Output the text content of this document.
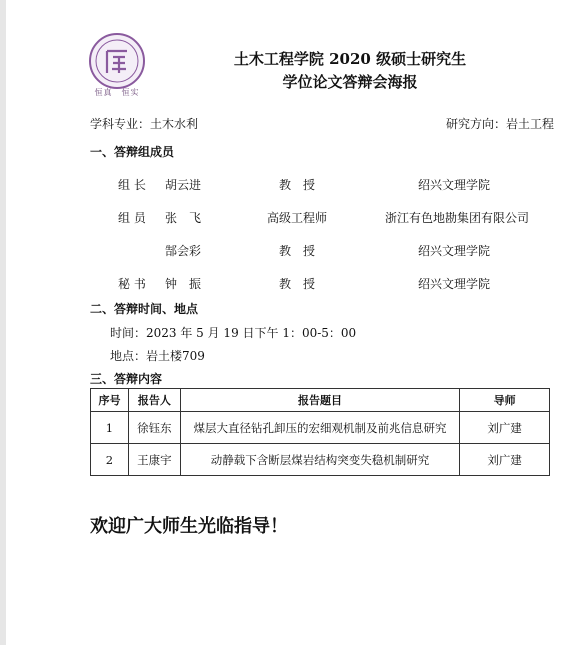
恒真　恒实
土木工程学院 2020 级硕士研究生
学位论文答辩会海报
学科专业：土木水利	研究方向：岩土工程
一、答辩组成员
组 长 胡云进	教　授	绍兴文理学院
组 员 张　飞	高级工程师	浙江有色地勘集团有限公司
郜会彩	教　授	绍兴文理学院
秘 书 钟　振	教　授	绍兴文理学院
二、答辩时间、地点
时间：2023 年 5 月 19 日下午 1：00-5：00
地点：岩土楼709
三、答辩内容
序号	报告人	报告题目	导师
1	徐钰东	煤层大直径钻孔卸压的宏细观机制及前兆信息研究	刘广建
2	王康宇	动静载下含断层煤岩结构突变失稳机制研究	刘广建
欢迎广大师生光临指导！
